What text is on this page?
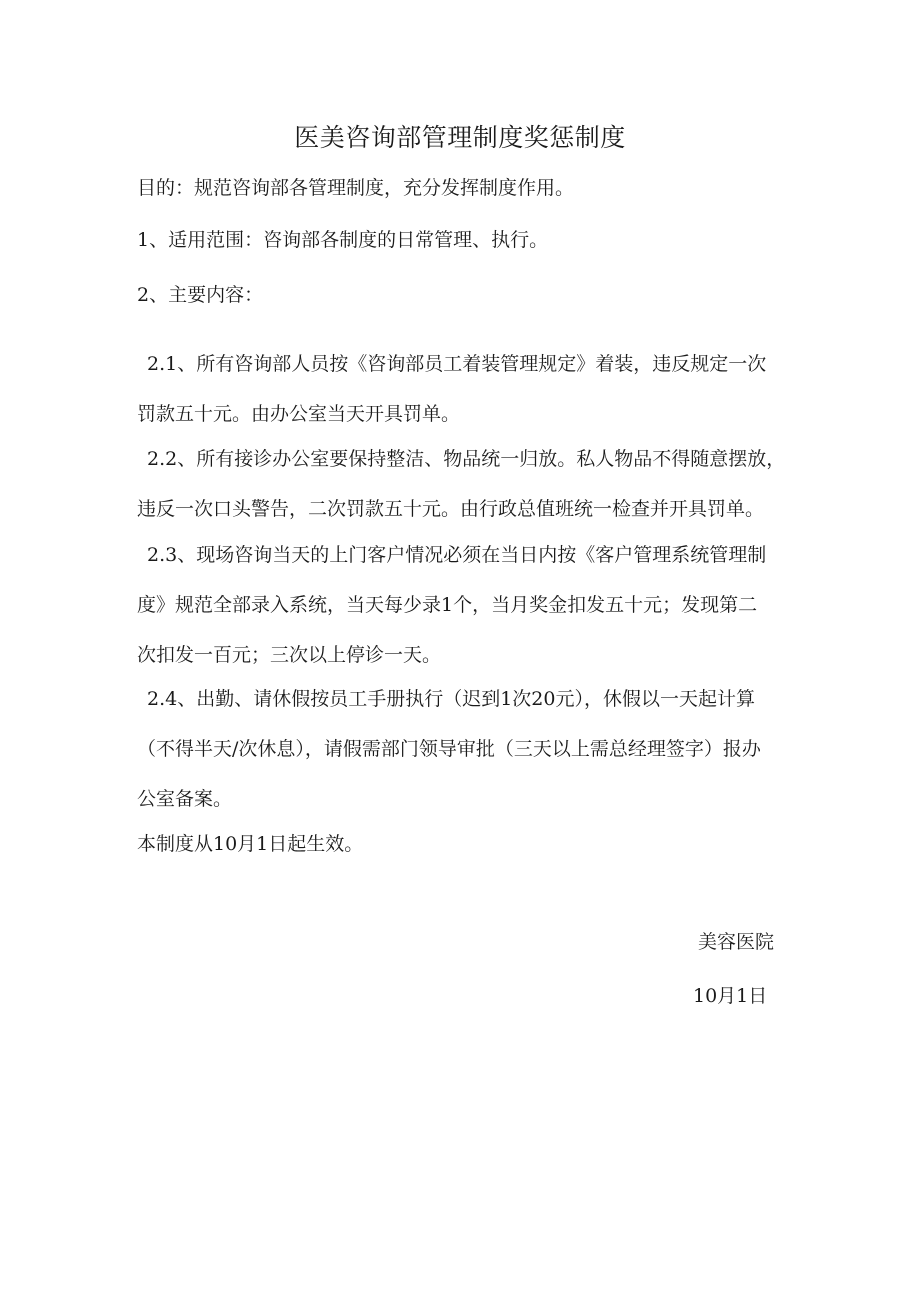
医美咨询部管理制度奖惩制度
目的：规范咨询部各管理制度，充分发挥制度作用。
1、适用范围：咨询部各制度的日常管理、执行。
2、主要内容：
2.1、所有咨询部人员按《咨询部员工着装管理规定》着装，违反规定一次
罚款五十元。由办公室当天开具罚单。
2.2、所有接诊办公室要保持整洁、物品统一归放。私人物品不得随意摆放，
违反一次口头警告，二次罚款五十元。由行政总值班统一检查并开具罚单。
2.3、现场咨询当天的上门客户情况必须在当日内按《客户管理系统管理制
度》规范全部录入系统，当天每少录1个，当月奖金扣发五十元；发现第二
次扣发一百元；三次以上停诊一天。
2.4、出勤、请休假按员工手册执行（迟到1次20元），休假以一天起计算
（不得半天/次休息），请假需部门领导审批（三天以上需总经理签字）报办
公室备案。
本制度从10月1日起生效。
美容医院
10月1日
